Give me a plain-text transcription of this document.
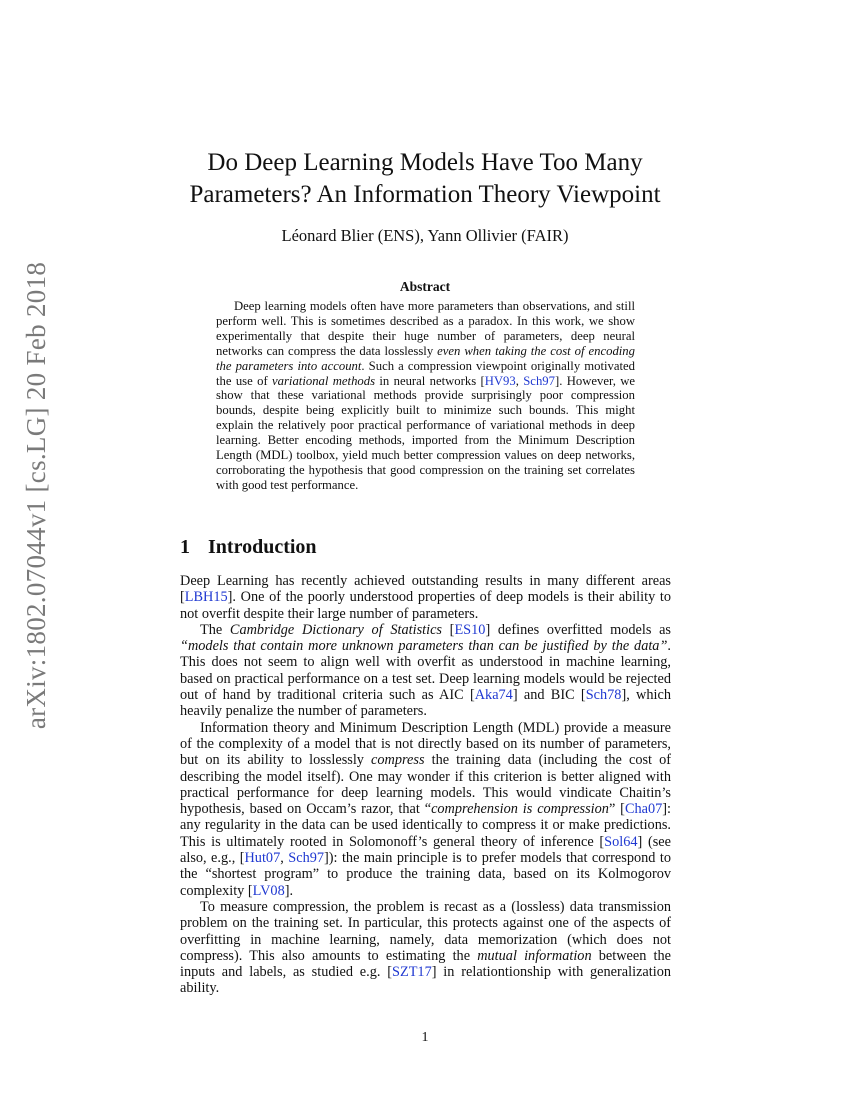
arXiv:1802.07044v1 [cs.LG] 20 Feb 2018
Do Deep Learning Models Have Too Many Parameters? An Information Theory Viewpoint

Léonard Blier (ENS), Yann Ollivier (FAIR)

Abstract

Deep learning models often have more parameters than observations, and still perform well. This is sometimes described as a paradox. In this work, we show experimentally that despite their huge number of parameters, deep neural networks can compress the data losslessly even when taking the cost of encoding the parameters into account. Such a compression viewpoint originally motivated the use of variational methods in neural networks [HV93, Sch97]. However, we show that these variational methods provide surprisingly poor compression bounds, despite being explicitly built to minimize such bounds. This might explain the relatively poor practical performance of variational methods in deep learning. Better encoding methods, imported from the Minimum Description Length (MDL) toolbox, yield much better compression values on deep networks, corroborating the hypothesis that good compression on the training set correlates with good test performance.

1 Introduction

Deep Learning has recently achieved outstanding results in many different areas [LBH15]. One of the poorly understood properties of deep models is their ability to not overfit despite their large number of parameters.

The Cambridge Dictionary of Statistics [ES10] defines overfitted models as “models that contain more unknown parameters than can be justified by the data”. This does not seem to align well with overfit as understood in machine learning, based on practical performance on a test set. Deep learning models would be rejected out of hand by traditional criteria such as AIC [Aka74] and BIC [Sch78], which heavily penalize the number of parameters.

Information theory and Minimum Description Length (MDL) provide a measure of the complexity of a model that is not directly based on its number of parameters, but on its ability to losslessly compress the training data (including the cost of describing the model itself). One may wonder if this criterion is better aligned with practical performance for deep learning models. This would vindicate Chaitin’s hypothesis, based on Occam’s razor, that “comprehension is compression” [Cha07]: any regularity in the data can be used identically to compress it or make predictions. This is ultimately rooted in Solomonoff’s general theory of inference [Sol64] (see also, e.g., [Hut07, Sch97]): the main principle is to prefer models that correspond to the “shortest program” to produce the training data, based on its Kolmogorov complexity [LV08].

To measure compression, the problem is recast as a (lossless) data transmission problem on the training set. In particular, this protects against one of the aspects of overfitting in machine learning, namely, data memorization (which does not compress). This also amounts to estimating the mutual information between the inputs and labels, as studied e.g. [SZT17] in relationtionship with generalization ability.

1
